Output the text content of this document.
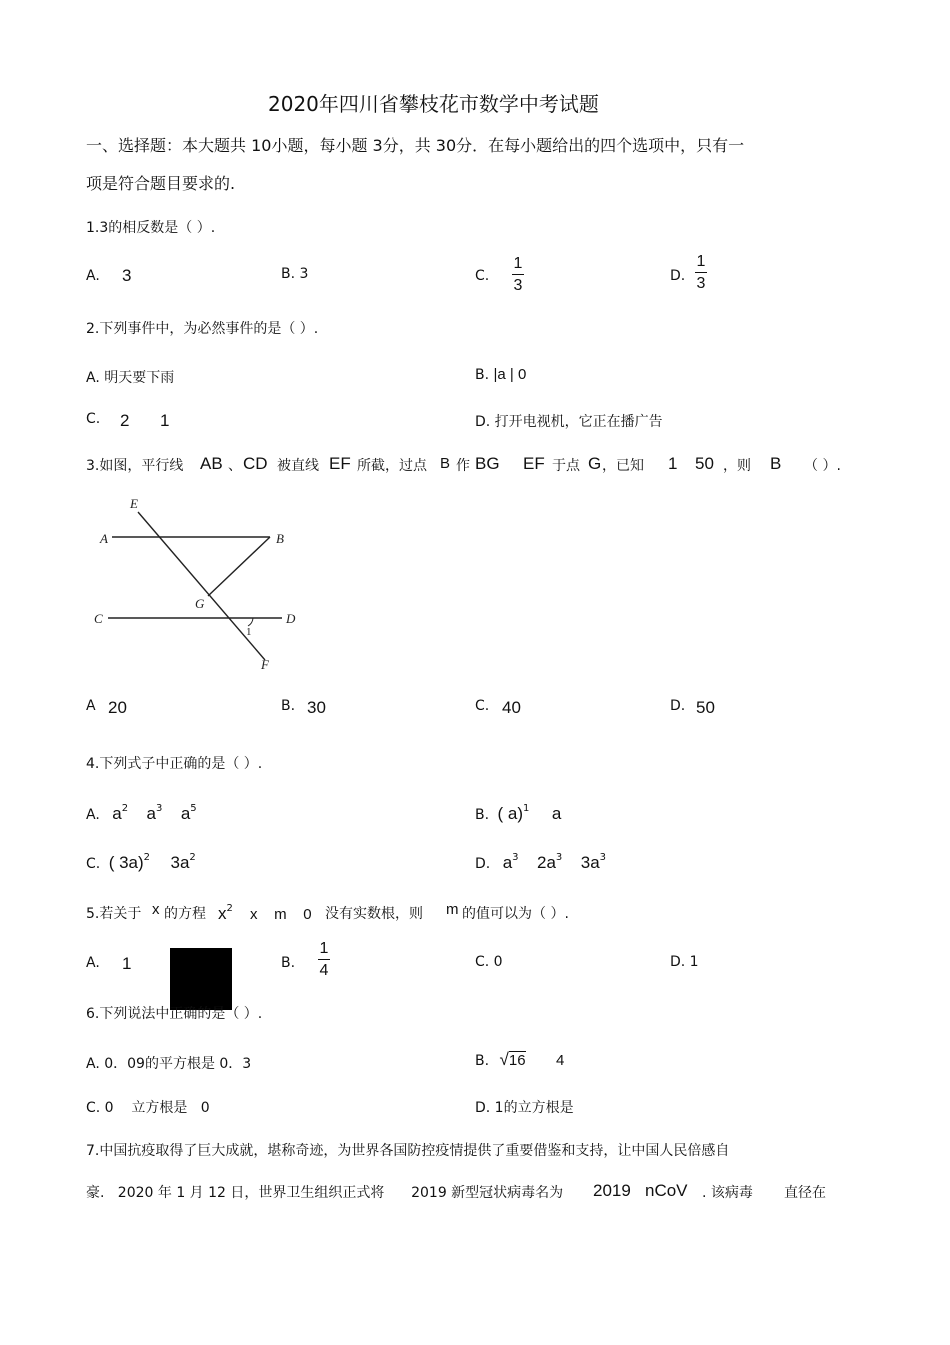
2020年四川省攀枝花市数学中考试题
一、选择题：本大题共 10小题，每小题 3分，共 30分．在每小题给出的四个选项中，只有一
项是符合题目要求的.
1.3的相反数是（ ）.
A. 3	B. 3	C.
1
3
D.
1
3
2.下列事件中，为必然事件的是（ ）.
A. 明天要下雨	B. |a | 0
C. 2 1	D. 打开电视机，它正在播广告
3.如图，平行线 AB 、 CD 被直线 EF 所截，过点 B 作 BG EF 于点 G ，已知 1 50 ，则 B （ ）.
E
A	B
G
C	D
1
F
A 20	B. 30	C. 40	D. 50
4.下列式子中正确的是（ ）.
A. $a^2$ $a^3$ $a^5$	B. ( a)$^1$ a
C. ( 3a)$^2$ $3a^2$	D. $a^3$ $2a^3$ $3a^3$
5.若关于 x 的方程 $x^2$ x    m    0 没有实数根，则 m 的值可以为（ ）.
A. 1	B.
1
4	C. 0	D. 1
6.下列说法中正确的是（ ）.
A. 0．09的平方根是 0．3	B. √16 4
C. 0    立方根是   0	D. 1的立方根是
7.中国抗疫取得了巨大成就，堪称奇迹，为世界各国防控疫情提供了重要借鉴和支持，让中国人民倍感自
豪.   2020 年 1 月 12 日，世界卫生组织正式将      2019 新型冠状病毒名为 2019   nCoV . 该病毒       直径在
